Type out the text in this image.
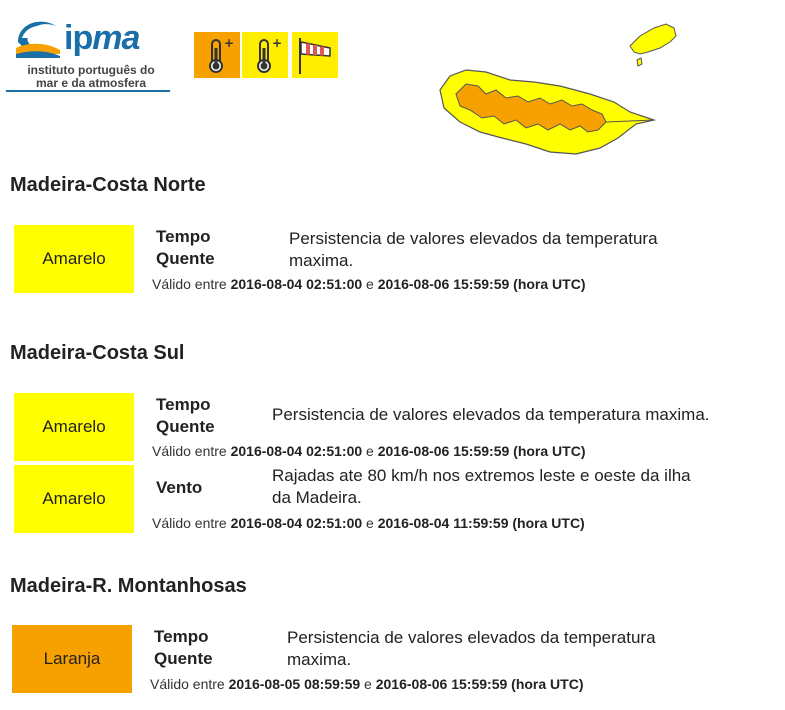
ipma
instituto português do
mar e da atmosfera
+	+
Madeira-Costa Norte
Amarelo
Tempo
Quente
Persistencia de valores elevados da temperatura
maxima.
Válido entre 2016-08-04 02:51:00 e 2016-08-06 15:59:59 (hora UTC)
Madeira-Costa Sul
Amarelo
Tempo
Quente
Persistencia de valores elevados da temperatura maxima.
Válido entre 2016-08-04 02:51:00 e 2016-08-06 15:59:59 (hora UTC)
Amarelo
Vento
Rajadas ate 80 km/h nos extremos leste e oeste da ilha
da Madeira.
Válido entre 2016-08-04 02:51:00 e 2016-08-04 11:59:59 (hora UTC)
Madeira-R. Montanhosas
Laranja
Tempo
Quente
Persistencia de valores elevados da temperatura
maxima.
Válido entre 2016-08-05 08:59:59 e 2016-08-06 15:59:59 (hora UTC)
